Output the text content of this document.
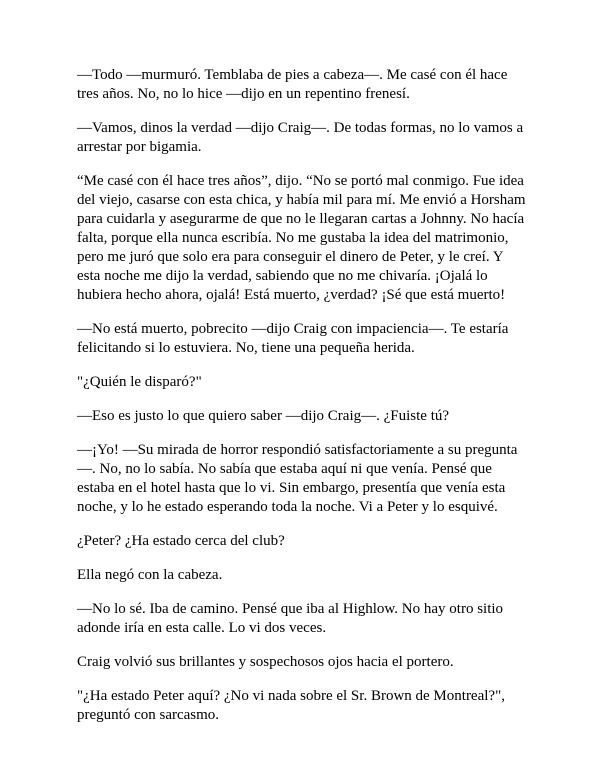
—Todo —murmuró. Temblaba de pies a cabeza—. Me casé con él hace tres años. No, no lo hice —dijo en un repentino frenesí.

—Vamos, dinos la verdad —dijo Craig—. De todas formas, no lo vamos a arrestar por bigamia.

“Me casé con él hace tres años”, dijo. “No se portó mal conmigo. Fue idea del viejo, casarse con esta chica, y había mil para mí. Me envió a Horsham para cuidarla y asegurarme de que no le llegaran cartas a Johnny. No hacía falta, porque ella nunca escribía. No me gustaba la idea del matrimonio, pero me juró que solo era para conseguir el dinero de Peter, y le creí. Y esta noche me dijo la verdad, sabiendo que no me chivaría. ¡Ojalá lo hubiera hecho ahora, ojalá! Está muerto, ¿verdad? ¡Sé que está muerto!

—No está muerto, pobrecito —dijo Craig con impaciencia—. Te estaría felicitando si lo estuviera. No, tiene una pequeña herida.

"¿Quién le disparó?"

—Eso es justo lo que quiero saber —dijo Craig—. ¿Fuiste tú?

—¡Yo! —Su mirada de horror respondió satisfactoriamente a su pregunta —. No, no lo sabía. No sabía que estaba aquí ni que venía. Pensé que estaba en el hotel hasta que lo vi. Sin embargo, presentía que venía esta noche, y lo he estado esperando toda la noche. Vi a Peter y lo esquivé.

¿Peter? ¿Ha estado cerca del club?

Ella negó con la cabeza.

—No lo sé. Iba de camino. Pensé que iba al Highlow. No hay otro sitio adonde iría en esta calle. Lo vi dos veces.

Craig volvió sus brillantes y sospechosos ojos hacia el portero.

"¿Ha estado Peter aquí? ¿No vi nada sobre el Sr. Brown de Montreal?", preguntó con sarcasmo.
